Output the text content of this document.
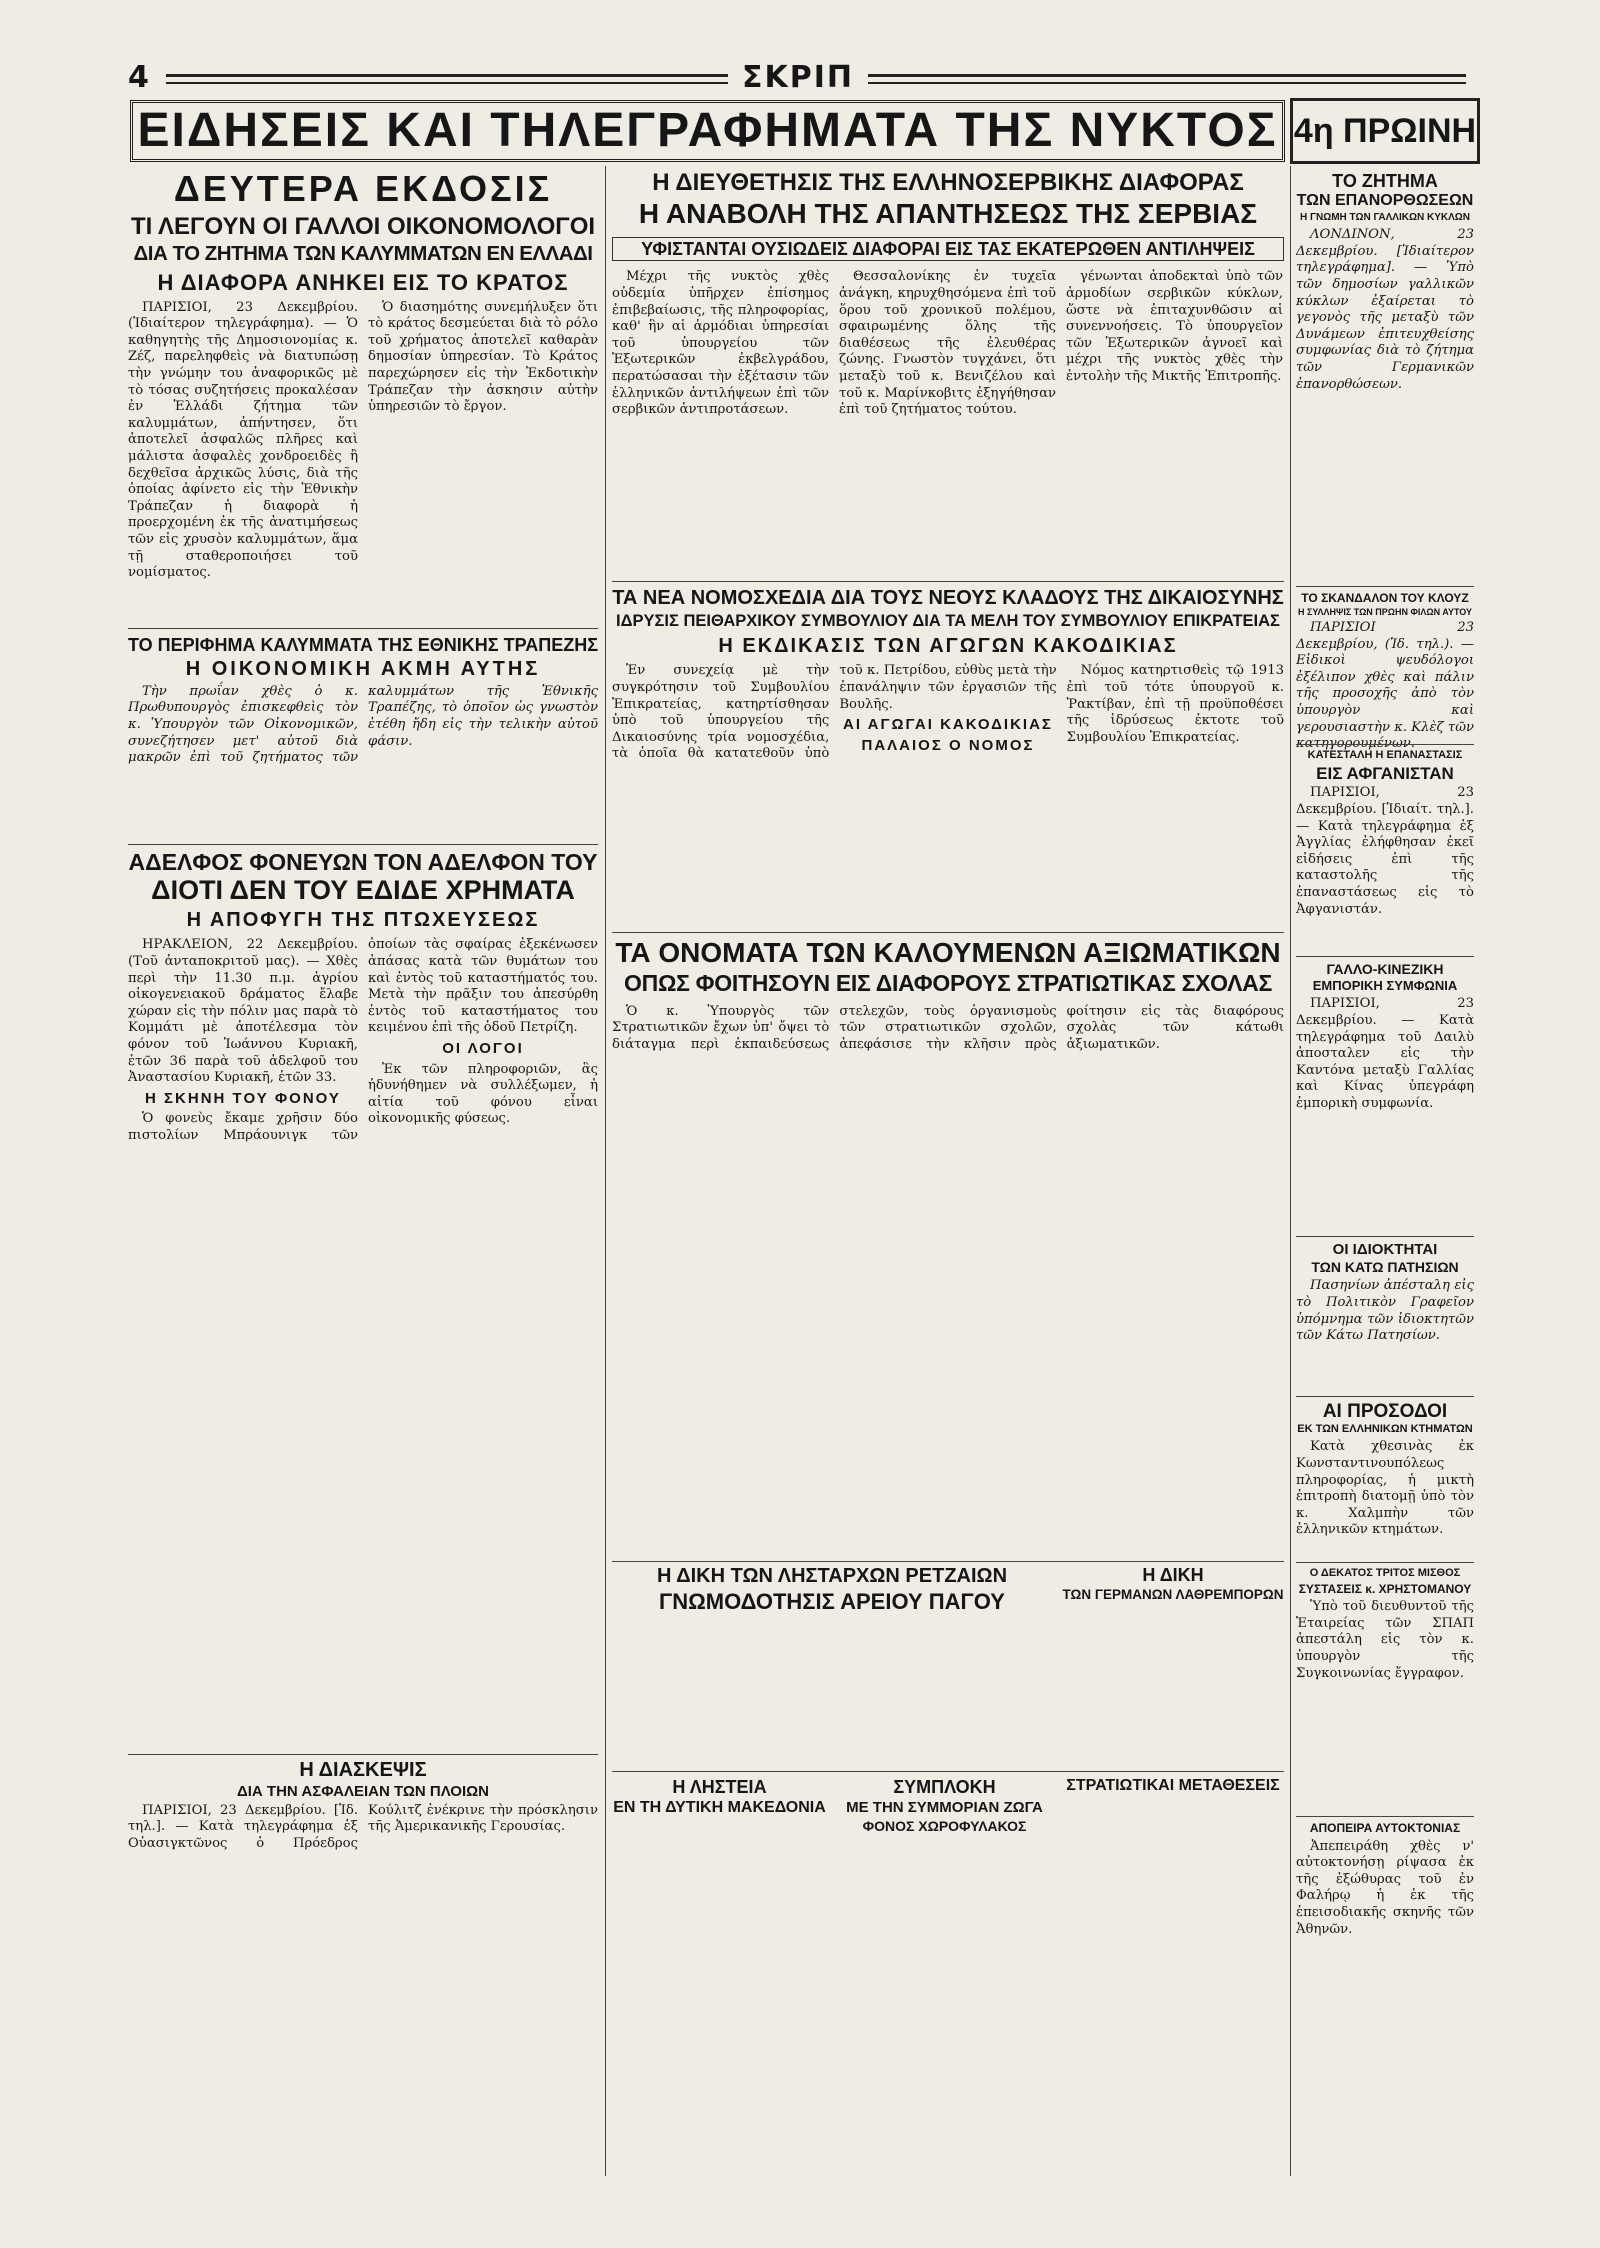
4	ΣΚΡΙΠ
ΕΙΔΗΣΕΙΣ ΚΑΙ ΤΗΛΕΓΡΑΦΗΜΑΤΑ ΤΗΣ ΝΥΚΤΟΣ 4η ΠΡΩΙΝΗ
ΔΕΥΤΕΡΑ ΕΚΔΟΣΙΣ
ΤΙ ΛΕΓΟΥΝ ΟΙ ΓΑΛΛΟΙ ΟΙΚΟΝΟΜΟΛΟΓΟΙ
ΔΙΑ ΤΟ ΖΗΤΗΜΑ ΤΩΝ ΚΑΛΥΜΜΑΤΩΝ ΕΝ ΕΛΛΑΔΙ
Η ΔΙΑΦΟΡΑ ΑΝΗΚΕΙ ΕΙΣ ΤΟ ΚΡΑΤΟΣ

ΠΑΡΙΣΙΟΙ, 23 Δεκεμβρίου. (Ἰδιαίτερον τηλεγράφημα). — Ὁ καθηγητὴς τῆς Δημοσιονομίας κ. Ζέζ, παρεληφθεὶς νὰ διατυπώσῃ τὴν γνώμην του ἀναφορικῶς μὲ τὸ τόσας συζητήσεις προκαλέσαν ἐν Ἑλλάδι ζήτημα τῶν καλυμμάτων, ἀπήντησεν, ὅτι ἀποτελεῖ ἀσφαλῶς πλῆρες καὶ μάλιστα ἀσφαλὲς χονδροειδὲς ἢ δεχθεῖσα ἀρχικῶς λύσις, διὰ τῆς ὁποίας ἀφίνετο εἰς τὴν Ἐθνικὴν Τράπεζαν ἡ διαφορὰ ἡ προερχομένη ἐκ τῆς ἀνατιμήσεως τῶν εἰς χρυσὸν καλυμμάτων, ἅμα τῇ σταθεροποιήσει τοῦ νομίσματος.

Ὁ διασημότης συνεμήλυξεν ὅτι τὸ κράτος δεσμεύεται διὰ τὸ ρόλο τοῦ χρήματος ἀποτελεῖ καθαρὰν δημοσίαν ὑπηρεσίαν. Τὸ Κράτος παρεχώρησεν εἰς τὴν Ἐκδοτικὴν Τράπεζαν τὴν ἀσκησιν αὐτὴν ὑπηρεσιῶν τὸ ἔργον.

ΤΟ ΠΕΡΙΦΗΜΑ ΚΑΛΥΜΜΑΤΑ ΤΗΣ ΕΘΝΙΚΗΣ ΤΡΑΠΕΖΗΣ
Η ΟΙΚΟΝΟΜΙΚΗ ΑΚΜΗ ΑΥΤΗΣ

Τὴν πρωΐαν χθὲς ὁ κ. Πρωθυπουργὸς ἐπισκεφθεὶς τὸν κ. Ὑπουργὸν τῶν Οἰκονομικῶν, συνεζήτησεν μετ' αὐτοῦ διὰ μακρῶν ἐπὶ τοῦ ζητήματος τῶν καλυμμάτων τῆς Ἐθνικῆς Τραπέζης, τὸ ὁποῖον ὡς γνωστὸν ἐτέθη ἤδη εἰς τὴν τελικὴν αὐτοῦ φάσιν.

ΑΔΕΛΦΟΣ ΦΟΝΕΥΩΝ ΤΟΝ ΑΔΕΛΦΟΝ ΤΟΥ
ΔΙΟΤΙ ΔΕΝ ΤΟΥ ΕΔΙΔΕ ΧΡΗΜΑΤΑ
Η ΑΠΟΦΥΓΗ ΤΗΣ ΠΤΩΧΕΥΣΕΩΣ

ΗΡΑΚΛΕΙΟΝ, 22 Δεκεμβρίου. (Τοῦ ἀνταποκριτοῦ μας). — Χθὲς περὶ τὴν 11.30 π.μ. ἀγρίου οἰκογενειακοῦ δράματος ἔλαβε χώραν εἰς τὴν πόλιν μας παρὰ τὸ Κομμάτι μὲ ἀποτέλεσμα τὸν φόνον τοῦ Ἰωάννου Κυριακῆ, ἐτῶν 36 παρὰ τοῦ ἀδελφοῦ του Ἀναστασίου Κυριακῆ, ἐτῶν 33.

Η ΣΚΗΝΗ ΤΟΥ ΦΟΝΟΥ

Ὁ φονεὺς ἔκαμε χρῆσιν δύο πιστολίων Μπράουνιγκ τῶν ὁποίων τὰς σφαίρας ἐξεκένωσεν ἀπάσας κατὰ τῶν θυμάτων του καὶ ἐντὸς τοῦ καταστήματός του. Μετὰ τὴν πρᾶξιν του ἀπεσύρθη ἐντὸς τοῦ καταστήματος του κειμένου ἐπὶ τῆς ὁδοῦ Πετρίζη.

ΟΙ ΛΟΓΟΙ

Ἐκ τῶν πληροφοριῶν, ἃς ἠδυνήθημεν νὰ συλλέξωμεν, ἡ αἰτία τοῦ φόνου εἶναι οἰκονομικῆς φύσεως.

Η ΔΙΑΣΚΕΨΙΣ
ΔΙΑ ΤΗΝ ΑΣΦΑΛΕΙΑΝ ΤΩΝ ΠΛΟΙΩΝ

ΠΑΡΙΣΙΟΙ, 23 Δεκεμβρίου. [Ἰδ. τηλ.]. — Κατὰ τηλεγράφημα ἐξ Οὐασιγκτῶνος ὁ Πρόεδρος Κούλιτζ ἐνέκρινε τὴν πρόσκλησιν τῆς Ἀμερικανικῆς Γερουσίας.

Η ΔΙΕΥΘΕΤΗΣΙΣ ΤΗΣ ΕΛΛΗΝΟΣΕΡΒΙΚΗΣ ΔΙΑΦΟΡΑΣ
Η ΑΝΑΒΟΛΗ ΤΗΣ ΑΠΑΝΤΗΣΕΩΣ ΤΗΣ ΣΕΡΒΙΑΣ
ΥΦΙΣΤΑΝΤΑΙ ΟΥΣΙΩΔΕΙΣ ΔΙΑΦΟΡΑΙ ΕΙΣ ΤΑΣ ΕΚΑΤΕΡΩΘΕΝ ΑΝΤΙΛΗΨΕΙΣ

Μέχρι τῆς νυκτὸς χθὲς οὐδεμία ὑπῆρχεν ἐπίσημος ἐπιβεβαίωσις, τῆς πληροφορίας, καθ' ἣν αἱ ἁρμόδιαι ὑπηρεσίαι τοῦ ὑπουργείου τῶν Ἐξωτερικῶν ἐκβελγράδου, περατώσασαι τὴν ἐξέτασιν τῶν ἑλληνικῶν ἀντιλήψεων ἐπὶ τῶν σερβικῶν ἀντιπροτάσεων.

Θεσσαλονίκης ἐν τυχεῖα ἀνάγκη, κηρυχθησόμενα ἐπὶ τοῦ ὅρου τοῦ χρονικοῦ πολέμου, σφαιρωμένης ὅλης τῆς διαθέσεως τῆς ἐλευθέρας ζώνης. Γνωστὸν τυγχάνει, ὅτι μεταξὺ τοῦ κ. Βενιζέλου καὶ τοῦ κ. Μαρίνκοβιτς ἐξηγήθησαν ἐπὶ τοῦ ζητήματος τούτου.

γένωνται ἀποδεκταὶ ὑπὸ τῶν ἁρμοδίων σερβικῶν κύκλων, ὥστε νὰ ἐπιταχυνθῶσιν αἱ συνεννοήσεις. Τὸ ὑπουργεῖον τῶν Ἐξωτερικῶν ἀγνοεῖ καὶ μέχρι τῆς νυκτὸς χθὲς τὴν ἐντολὴν τῆς Μικτῆς Ἐπιτροπῆς.

ΤΑ ΝΕΑ ΝΟΜΟΣΧΕΔΙΑ ΔΙΑ ΤΟΥΣ ΝΕΟΥΣ ΚΛΑΔΟΥΣ ΤΗΣ ΔΙΚΑΙΟΣΥΝΗΣ
ΙΔΡΥΣΙΣ ΠΕΙΘΑΡΧΙΚΟΥ ΣΥΜΒΟΥΛΙΟΥ ΔΙΑ ΤΑ ΜΕΛΗ ΤΟΥ ΣΥΜΒΟΥΛΙΟΥ ΕΠΙΚΡΑΤΕΙΑΣ
Η ΕΚΔΙΚΑΣΙΣ ΤΩΝ ΑΓΩΓΩΝ ΚΑΚΟΔΙΚΙΑΣ

Ἐν συνεχείᾳ μὲ τὴν συγκρότησιν τοῦ Συμβουλίου Ἐπικρατείας, κατηρτίσθησαν ὑπὸ τοῦ ὑπουργείου τῆς Δικαιοσύνης τρία νομοσχέδια, τὰ ὁποῖα θὰ κατατεθοῦν ὑπὸ τοῦ κ. Πετρίδου, εὐθὺς μετὰ τὴν ἐπανάληψιν τῶν ἐργασιῶν τῆς Βουλῆς.

ΑΙ ΑΓΩΓΑΙ ΚΑΚΟΔΙΚΙΑΣ
ΠΑΛΑΙΟΣ Ο ΝΟΜΟΣ

Νόμος κατηρτισθεὶς τῷ 1913 ἐπὶ τοῦ τότε ὑπουργοῦ κ. Ῥακτίβαν, ἐπὶ τῇ προϋποθέσει τῆς ἱδρύσεως ἐκτοτε τοῦ Συμβουλίου Ἐπικρατείας.

ΤΑ ΟΝΟΜΑΤΑ ΤΩΝ ΚΑΛΟΥΜΕΝΩΝ ΑΞΙΩΜΑΤΙΚΩΝ
ΟΠΩΣ ΦΟΙΤΗΣΟΥΝ ΕΙΣ ΔΙΑΦΟΡΟΥΣ ΣΤΡΑΤΙΩΤΙΚΑΣ ΣΧΟΛΑΣ

Ὁ κ. Ὑπουργὸς τῶν Στρατιωτικῶν ἔχων ὑπ' ὄψει τὸ διάταγμα περὶ ἐκπαιδεύσεως στελεχῶν, τοὺς ὀργανισμοὺς τῶν στρατιωτικῶν σχολῶν, ἀπεφάσισε τὴν κλῆσιν πρὸς φοίτησιν εἰς τὰς διαφόρους σχολὰς τῶν κάτωθι ἀξιωματικῶν.

Η ΔΙΚΗ ΤΩΝ ΛΗΣΤΑΡΧΩΝ ΡΕΤΖΑΙΩΝ
ΓΝΩΜΟΔΟΤΗΣΙΣ ΑΡΕΙΟΥ ΠΑΓΟΥ
Η ΔΙΚΗ
ΤΩΝ ΓΕΡΜΑΝΩΝ ΛΑΘΡΕΜΠΟΡΩΝ
Η ΛΗΣΤΕΙΑ
ΕΝ ΤΗ ΔΥΤΙΚΗ ΜΑΚΕΔΟΝΙΑ
ΣΥΜΠΛΟΚΗ
ΜΕ ΤΗΝ ΣΥΜΜΟΡΙΑΝ ΖΩΓΑ
ΦΟΝΟΣ ΧΩΡΟΦΥΛΑΚΟΣ
ΣΤΡΑΤΙΩΤΙΚΑΙ ΜΕΤΑΘΕΣΕΙΣ
ΤΟ ΖΗΤΗΜΑ
ΤΩΝ ΕΠΑΝΟΡΘΩΣΕΩΝ
Η ΓΝΩΜΗ ΤΩΝ ΓΑΛΛΙΚΩΝ ΚΥΚΛΩΝ

ΛΟΝΔΙΝΟΝ, 23 Δεκεμβρίου. [Ἰδιαίτερον τηλεγράφημα]. — Ὑπὸ τῶν δημοσίων γαλλικῶν κύκλων ἐξαίρεται τὸ γεγονὸς τῆς μεταξὺ τῶν Δυνάμεων ἐπιτευχθείσης συμφωνίας διὰ τὸ ζήτημα τῶν Γερμανικῶν ἐπανορθώσεων.

ΤΟ ΣΚΑΝΔΑΛΟΝ ΤΟΥ ΚΛΟΥΖ
Η ΣΥΛΛΗΨΙΣ ΤΩΝ ΠΡΩΗΝ ΦΙΛΩΝ ΑΥΤΟΥ

ΠΑΡΙΣΙΟΙ 23 Δεκεμβρίου, (Ἰδ. τηλ.). — Εἰδικοὶ ψευδόλογοι ἐξέλιπον χθὲς καὶ πάλιν τῆς προσοχῆς ἀπὸ τὸν ὑπουργὸν καὶ γερουσιαστὴν κ. Κλὲζ τῶν κατηγορουμένων.

ΚΑΤΕΣΤΑΛΗ Η ΕΠΑΝΑΣΤΑΣΙΣ
ΕΙΣ ΑΦΓΑΝΙΣΤΑΝ

ΠΑΡΙΣΙΟΙ, 23 Δεκεμβρίου. [Ἰδιαίτ. τηλ.]. — Κατὰ τηλεγράφημα ἐξ Ἀγγλίας ἐλήφθησαν ἐκεῖ εἰδήσεις ἐπὶ τῆς καταστολῆς τῆς ἐπαναστάσεως εἰς τὸ Ἀφγανιστάν.

ΓΑΛΛΟ-ΚΙΝΕΖΙΚΗ
ΕΜΠΟΡΙΚΗ ΣΥΜΦΩΝΙΑ

ΠΑΡΙΣΙΟΙ, 23 Δεκεμβρίου. — Κατὰ τηλεγράφημα τοῦ Δαιλὺ ἀποσταλεν εἰς τὴν Καντόνα μεταξὺ Γαλλίας καὶ Κίνας ὑπεγράφη ἐμπορικὴ συμφωνία.

ΟΙ ΙΔΙΟΚΤΗΤΑΙ
ΤΩΝ ΚΑΤΩ ΠΑΤΗΣΙΩΝ

Πασηνίων ἀπέσταλη εἰς τὸ Πολιτικὸν Γραφεῖον ὑπόμνημα τῶν ἰδιοκτητῶν τῶν Κάτω Πατησίων.

ΑΙ ΠΡΟΣΟΔΟΙ
ΕΚ ΤΩΝ ΕΛΛΗΝΙΚΩΝ ΚΤΗΜΑΤΩΝ

Κατὰ χθεσινὰς ἐκ Κωνσταντινουπόλεως πληροφορίας, ἡ μικτὴ ἐπιτροπὴ διατομῇ ὑπὸ τὸν κ. Χαλμπὴν τῶν ἑλληνικῶν κτημάτων.

Ο ΔΕΚΑΤΟΣ ΤΡΙΤΟΣ ΜΙΣΘΟΣ
ΣΥΣΤΑΣΕΙΣ κ. ΧΡΗΣΤΟΜΑΝΟΥ

Ὑπὸ τοῦ διευθυντοῦ τῆς Ἑταιρείας τῶν ΣΠΑΠ ἀπεστάλη εἰς τὸν κ. ὑπουργὸν τῆς Συγκοινωνίας ἔγγραφον.

ΑΠΟΠΕΙΡΑ ΑΥΤΟΚΤΟΝΙΑΣ

Ἀπεπειράθη χθὲς ν' αὐτοκτονήσῃ ρίψασα ἐκ τῆς ἐξώθυρας τοῦ ἐν Φαλήρῳ ἡ ἐκ τῆς ἐπεισοδιακῆς σκηνῆς τῶν Ἀθηνῶν.
